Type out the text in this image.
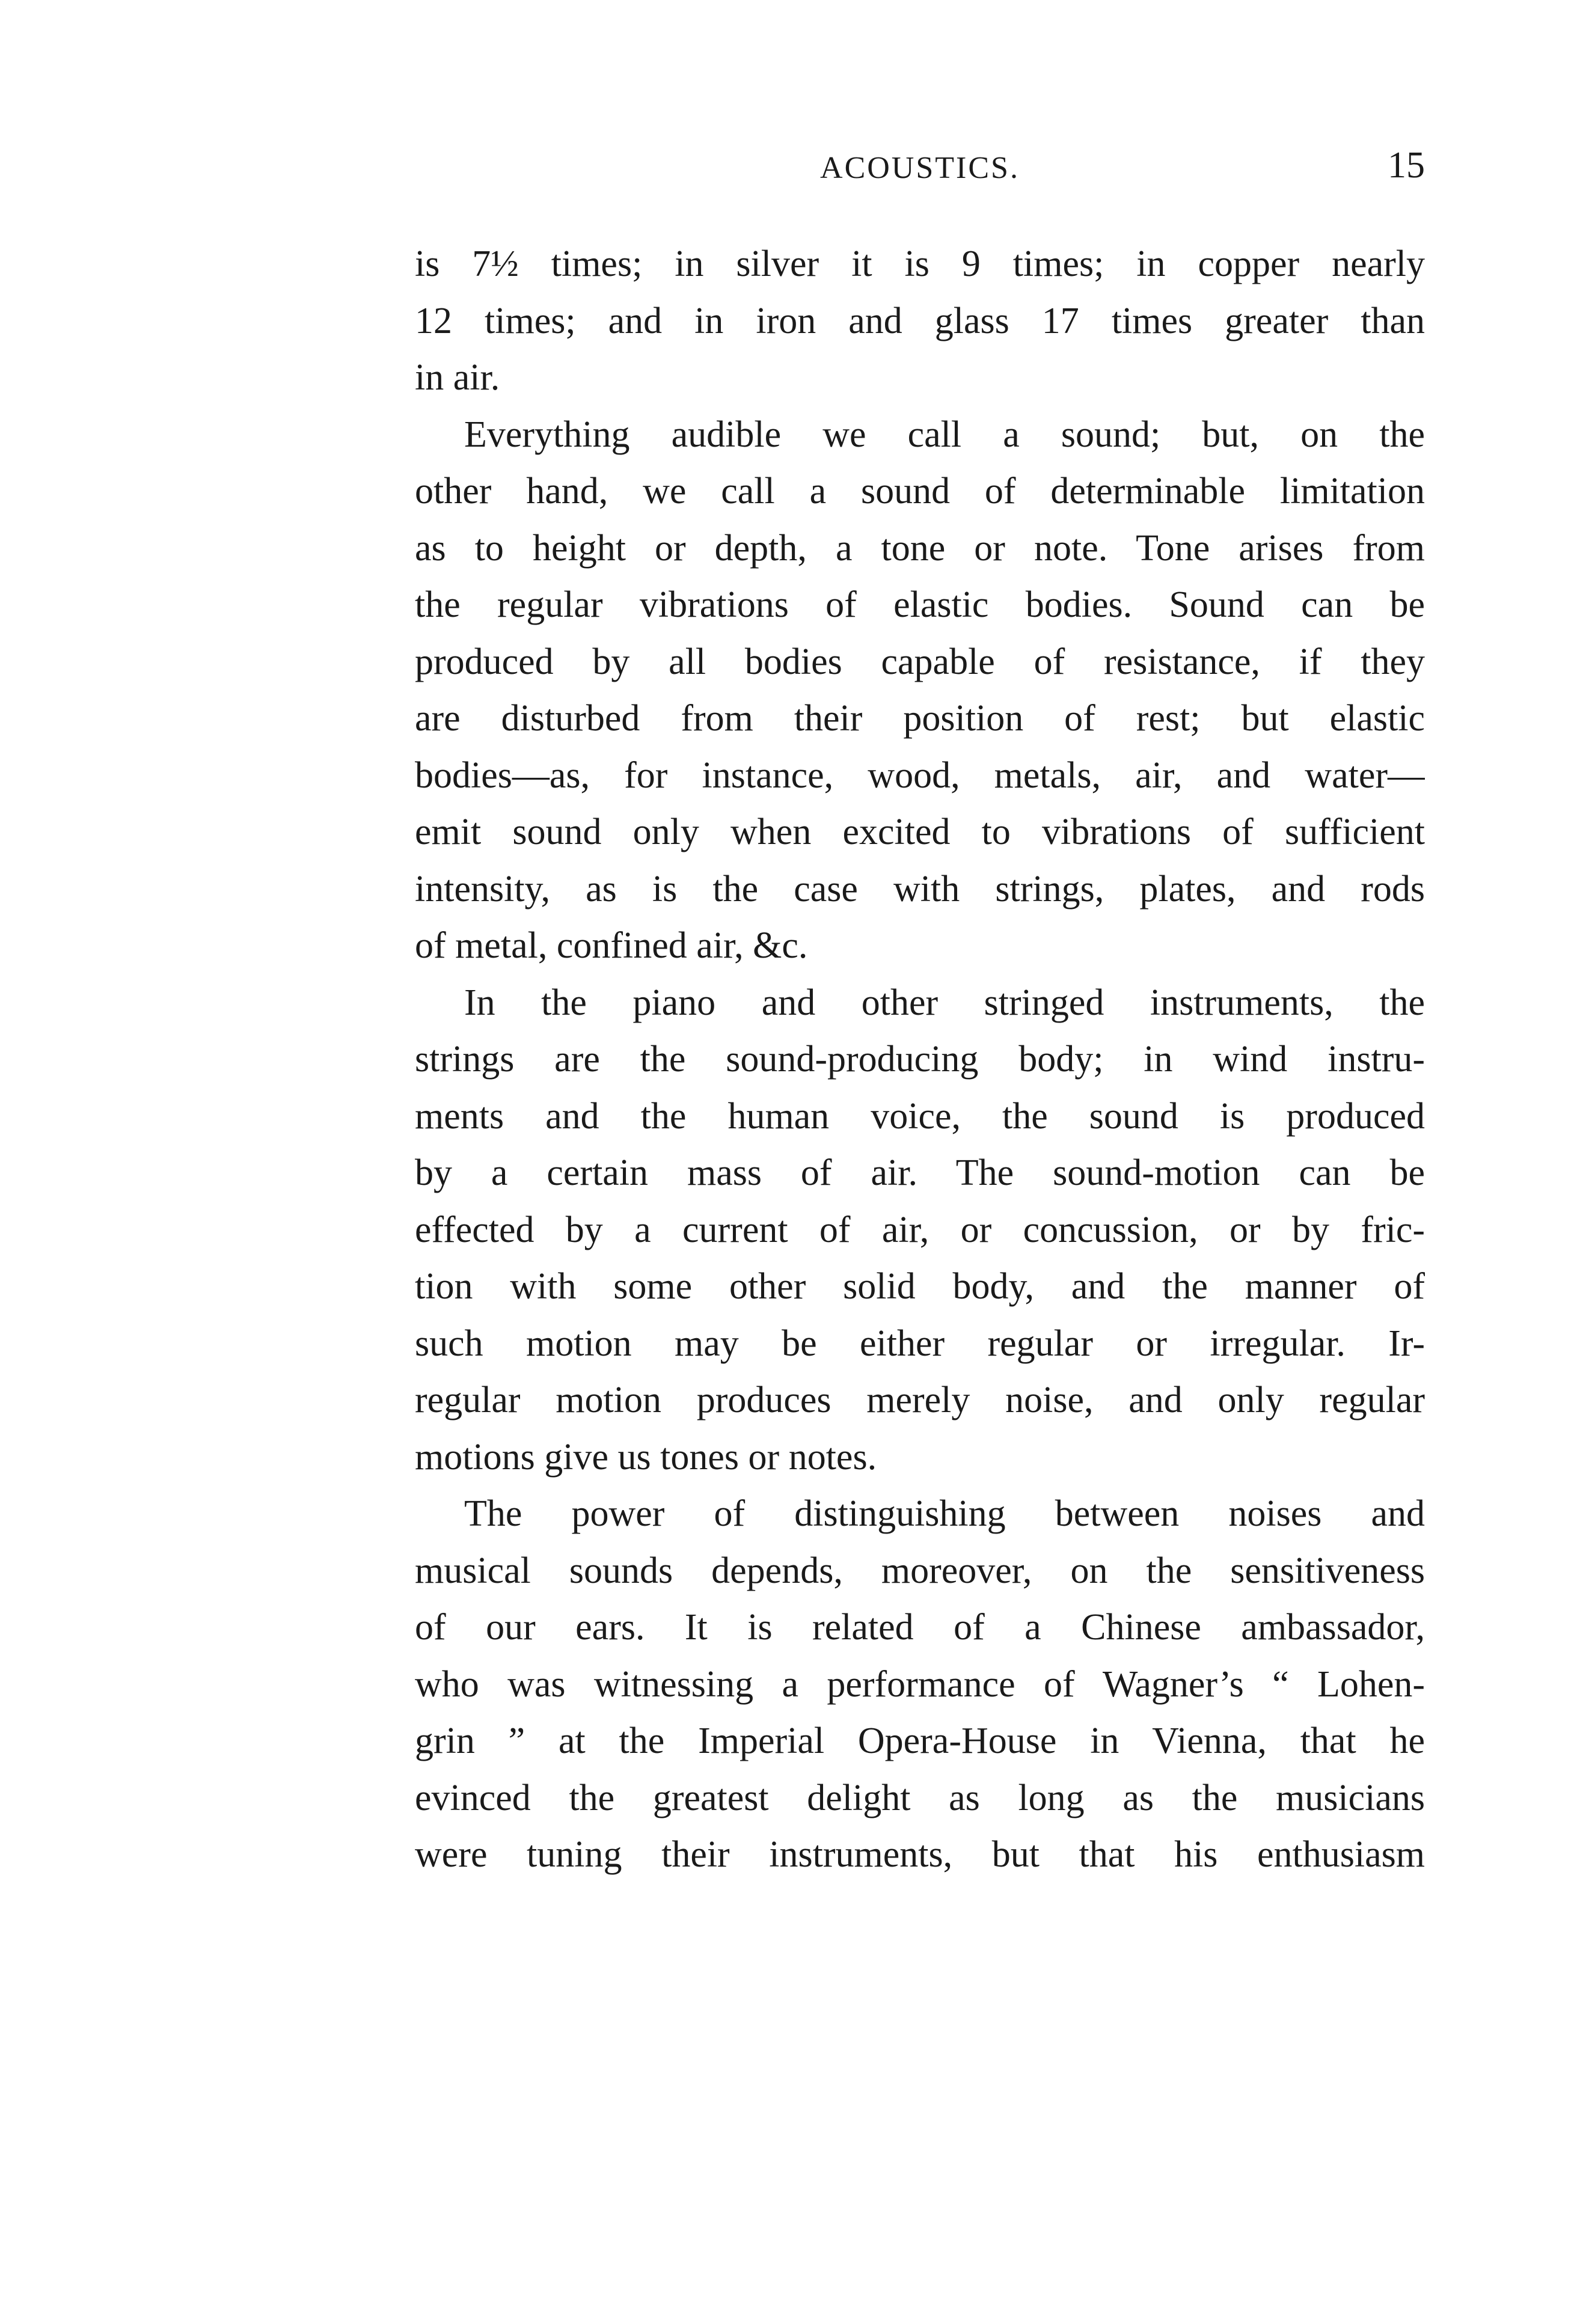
ACOUSTICS.	15
is 7½ times; in silver it is 9 times; in copper nearly
12 times; and in iron and glass 17 times greater than
in air.
Everything audible we call a sound; but, on the
other hand, we call a sound of determinable limitation
as to height or depth, a tone or note. Tone arises from
the regular vibrations of elastic bodies. Sound can be
produced by all bodies capable of resistance, if they
are disturbed from their position of rest; but elastic
bodies—as, for instance, wood, metals, air, and water—
emit sound only when excited to vibrations of sufficient
intensity, as is the case with strings, plates, and rods
of metal, confined air, &c.
In the piano and other stringed instruments, the
strings are the sound-producing body; in wind instru-
ments and the human voice, the sound is produced
by a certain mass of air. The sound-motion can be
effected by a current of air, or concussion, or by fric-
tion with some other solid body, and the manner of
such motion may be either regular or irregular. Ir-
regular motion produces merely noise, and only regular
motions give us tones or notes.
The power of distinguishing between noises and
musical sounds depends, moreover, on the sensitiveness
of our ears. It is related of a Chinese ambassador,
who was witnessing a performance of Wagner’s “ Lohen-
grin ” at the Imperial Opera-House in Vienna, that he
evinced the greatest delight as long as the musicians
were tuning their instruments, but that his enthusiasm
